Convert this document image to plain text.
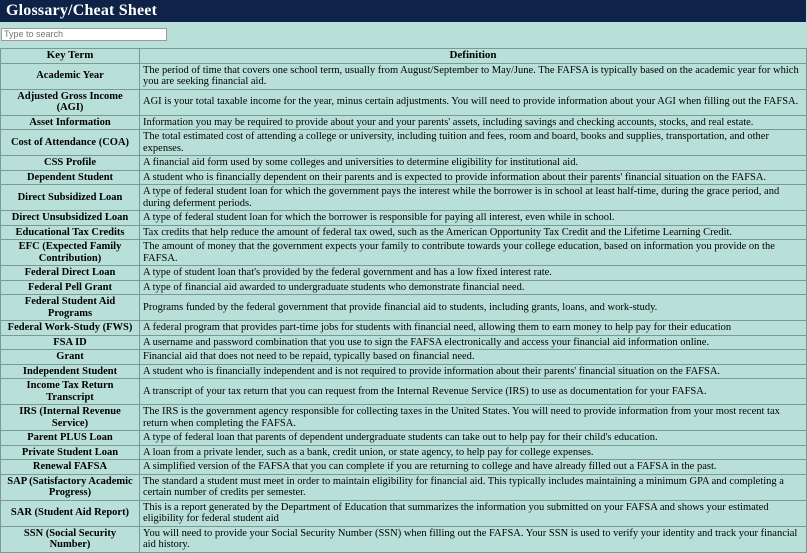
Glossary/Cheat Sheet
Type to search
Key Term	Definition
Academic Year	The period of time that covers one school term, usually from August/September to May/June. The FAFSA is typically based on the academic year for which you are seeking financial aid.
Adjusted Gross Income (AGI)	AGI is your total taxable income for the year, minus certain adjustments. You will need to provide information about your AGI when filling out the FAFSA.
Asset Information	Information you may be required to provide about your and your parents' assets, including savings and checking accounts, stocks, and real estate.
Cost of Attendance (COA)	The total estimated cost of attending a college or university, including tuition and fees, room and board, books and supplies, transportation, and other expenses.
CSS Profile	A financial aid form used by some colleges and universities to determine eligibility for institutional aid.
Dependent Student	A student who is financially dependent on their parents and is expected to provide information about their parents' financial situation on the FAFSA.
Direct Subsidized Loan	A type of federal student loan for which the government pays the interest while the borrower is in school at least half-time, during the grace period, and during deferment periods.
Direct Unsubsidized Loan	A type of federal student loan for which the borrower is responsible for paying all interest, even while in school.
Educational Tax Credits	Tax credits that help reduce the amount of federal tax owed, such as the American Opportunity Tax Credit and the Lifetime Learning Credit.
EFC (Expected Family Contribution)	The amount of money that the government expects your family to contribute towards your college education, based on information you provide on the FAFSA.
Federal Direct Loan	A type of student loan that's provided by the federal government and has a low fixed interest rate.
Federal Pell Grant	A type of financial aid awarded to undergraduate students who demonstrate financial need.
Federal Student Aid Programs	Programs funded by the federal government that provide financial aid to students, including grants, loans, and work-study.
Federal Work-Study (FWS)	A federal program that provides part-time jobs for students with financial need, allowing them to earn money to help pay for their education
FSA ID	A username and password combination that you use to sign the FAFSA electronically and access your financial aid information online.
Grant	Financial aid that does not need to be repaid, typically based on financial need.
Independent Student	A student who is financially independent and is not required to provide information about their parents' financial situation on the FAFSA.
Income Tax Return Transcript	A transcript of your tax return that you can request from the Internal Revenue Service (IRS) to use as documentation for your FAFSA.
IRS (Internal Revenue Service)	The IRS is the government agency responsible for collecting taxes in the United States. You will need to provide information from your most recent tax return when completing the FAFSA.
Parent PLUS Loan	A type of federal loan that parents of dependent undergraduate students can take out to help pay for their child's education.
Private Student Loan	A loan from a private lender, such as a bank, credit union, or state agency, to help pay for college expenses.
Renewal FAFSA	A simplified version of the FAFSA that you can complete if you are returning to college and have already filled out a FAFSA in the past.
SAP (Satisfactory Academic Progress)	The standard a student must meet in order to maintain eligibility for financial aid. This typically includes maintaining a minimum GPA and completing a certain number of credits per semester.
SAR (Student Aid Report)	This is a report generated by the Department of Education that summarizes the information you submitted on your FAFSA and shows your estimated eligibility for federal student aid
SSN (Social Security Number)	You will need to provide your Social Security Number (SSN) when filling out the FAFSA. Your SSN is used to verify your identity and track your financial aid history.
